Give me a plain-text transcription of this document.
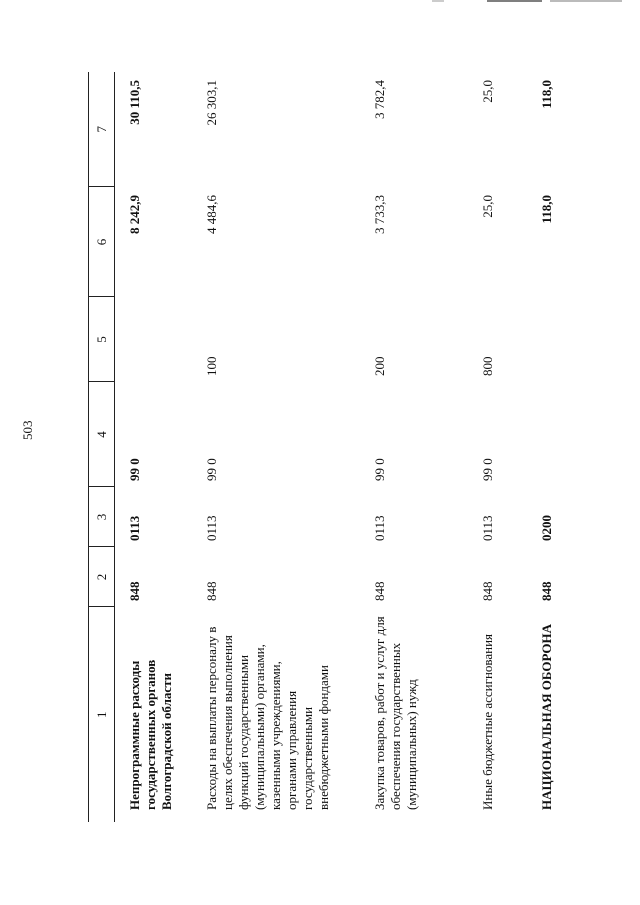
503
1	2	3	4	5	6	7
Непрограммные расходы государственных органов Волгоградской области	848	0113	99 0		8 242,9	30 110,5
Расходы на выплаты персоналу в целях обеспечения выполнения функций государственными (муниципальными) органами, казенными учреждениями, органами управления государственными внебюджетными фондами	848	0113	99 0	100	4 484,6	26 303,1
Закупка товаров, работ и услуг для обеспечения государственных (муниципальных) нужд	848	0113	99 0	200	3 733,3	3 782,4
Иные бюджетные ассигнования	848	0113	99 0	800	25,0	25,0
НАЦИОНАЛЬНАЯ ОБОРОНА	848	0200			118,0	118,0
